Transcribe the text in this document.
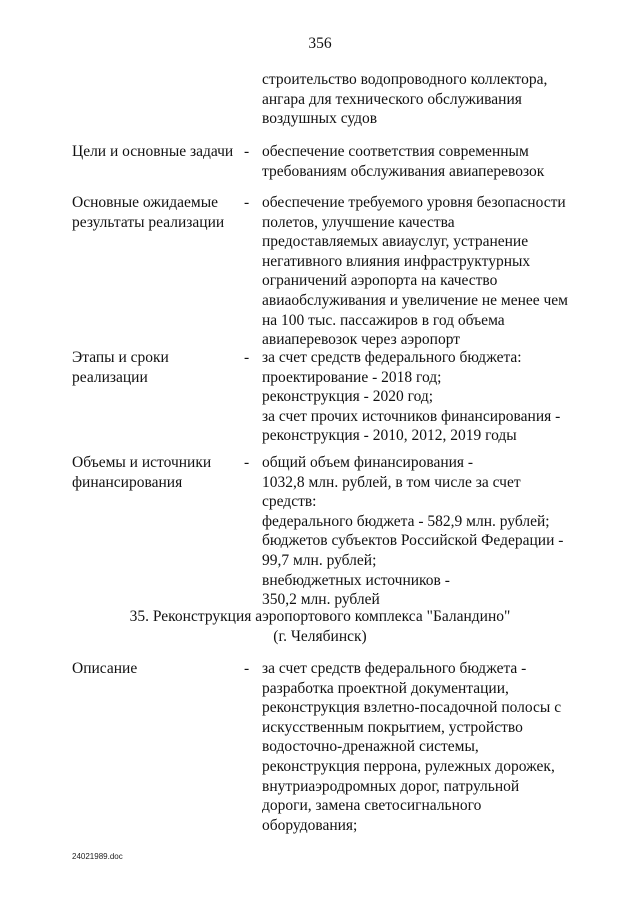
356
строительство водопроводного коллектора,
ангара для технического обслуживания
воздушных судов
Цели и основные задачи - обеспечение соответствия современным
требованиям обслуживания авиаперевозок
Основные ожидаемые
результаты реализации
- обеспечение требуемого уровня безопасности
полетов, улучшение качества
предоставляемых авиауслуг, устранение
негативного влияния инфраструктурных
ограничений аэропорта на качество
авиаобслуживания и увеличение не менее чем
на 100 тыс. пассажиров в год объема
авиаперевозок через аэропорт
Этапы и сроки
реализации
- за счет средств федерального бюджета:
проектирование - 2018 год;
реконструкция - 2020 год;
за счет прочих источников финансирования -
реконструкция - 2010, 2012, 2019 годы
Объемы и источники
финансирования
- общий объем финансирования -
1032,8 млн. рублей, в том числе за счет
средств:
федерального бюджета - 582,9 млн. рублей;
бюджетов субъектов Российской Федерации -
99,7 млн. рублей;
внебюджетных источников -
350,2 млн. рублей
35. Реконструкция аэропортового комплекса "Баландино"
(г. Челябинск)
Описание	- за счет средств федерального бюджета -
разработка проектной документации,
реконструкция взлетно-посадочной полосы с
искусственным покрытием, устройство
водосточно-дренажной системы,
реконструкция перрона, рулежных дорожек,
внутриаэродромных дорог, патрульной
дороги, замена светосигнального
оборудования;
24021989.doc
